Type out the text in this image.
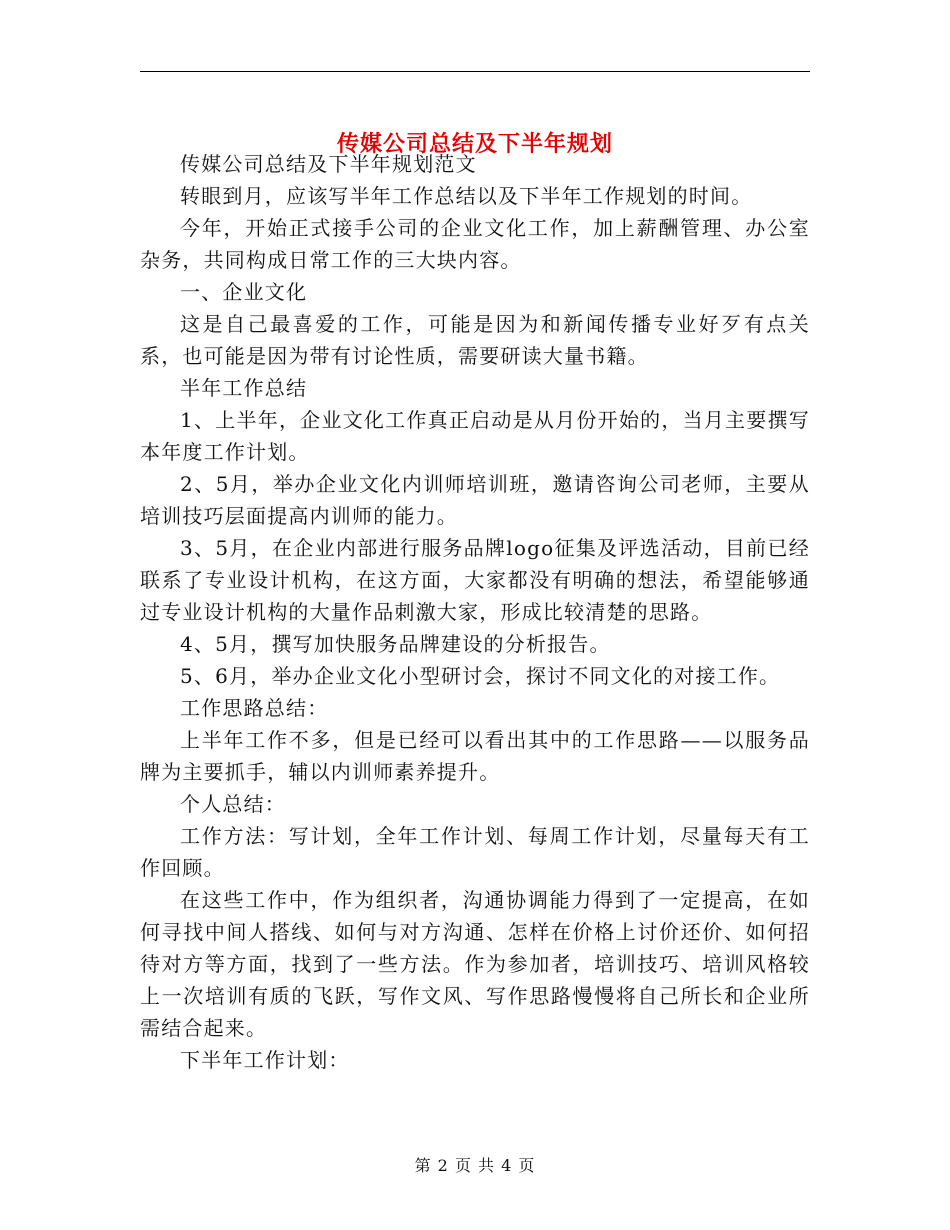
传媒公司总结及下半年规划

传媒公司总结及下半年规划范文

转眼到月，应该写半年工作总结以及下半年工作规划的时间。

今年，开始正式接手公司的企业文化工作，加上薪酬管理、办公室杂务，共同构成日常工作的三大块内容。

一、企业文化

这是自己最喜爱的工作，可能是因为和新闻传播专业好歹有点关系，也可能是因为带有讨论性质，需要研读大量书籍。

半年工作总结

1、上半年，企业文化工作真正启动是从月份开始的，当月主要撰写本年度工作计划。

2、5月，举办企业文化内训师培训班，邀请咨询公司老师，主要从培训技巧层面提高内训师的能力。

3、5月，在企业内部进行服务品牌logo征集及评选活动，目前已经联系了专业设计机构，在这方面，大家都没有明确的想法，希望能够通过专业设计机构的大量作品刺激大家，形成比较清楚的思路。

4、5月，撰写加快服务品牌建设的分析报告。

5、6月，举办企业文化小型研讨会，探讨不同文化的对接工作。

工作思路总结：

上半年工作不多，但是已经可以看出其中的工作思路——以服务品牌为主要抓手，辅以内训师素养提升。

个人总结：

工作方法：写计划，全年工作计划、每周工作计划，尽量每天有工作回顾。

在这些工作中，作为组织者，沟通协调能力得到了一定提高，在如何寻找中间人搭线、如何与对方沟通、怎样在价格上讨价还价、如何招待对方等方面，找到了一些方法。作为参加者，培训技巧、培训风格较上一次培训有质的飞跃，写作文风、写作思路慢慢将自己所长和企业所需结合起来。

下半年工作计划：

第 2 页 共 4 页
